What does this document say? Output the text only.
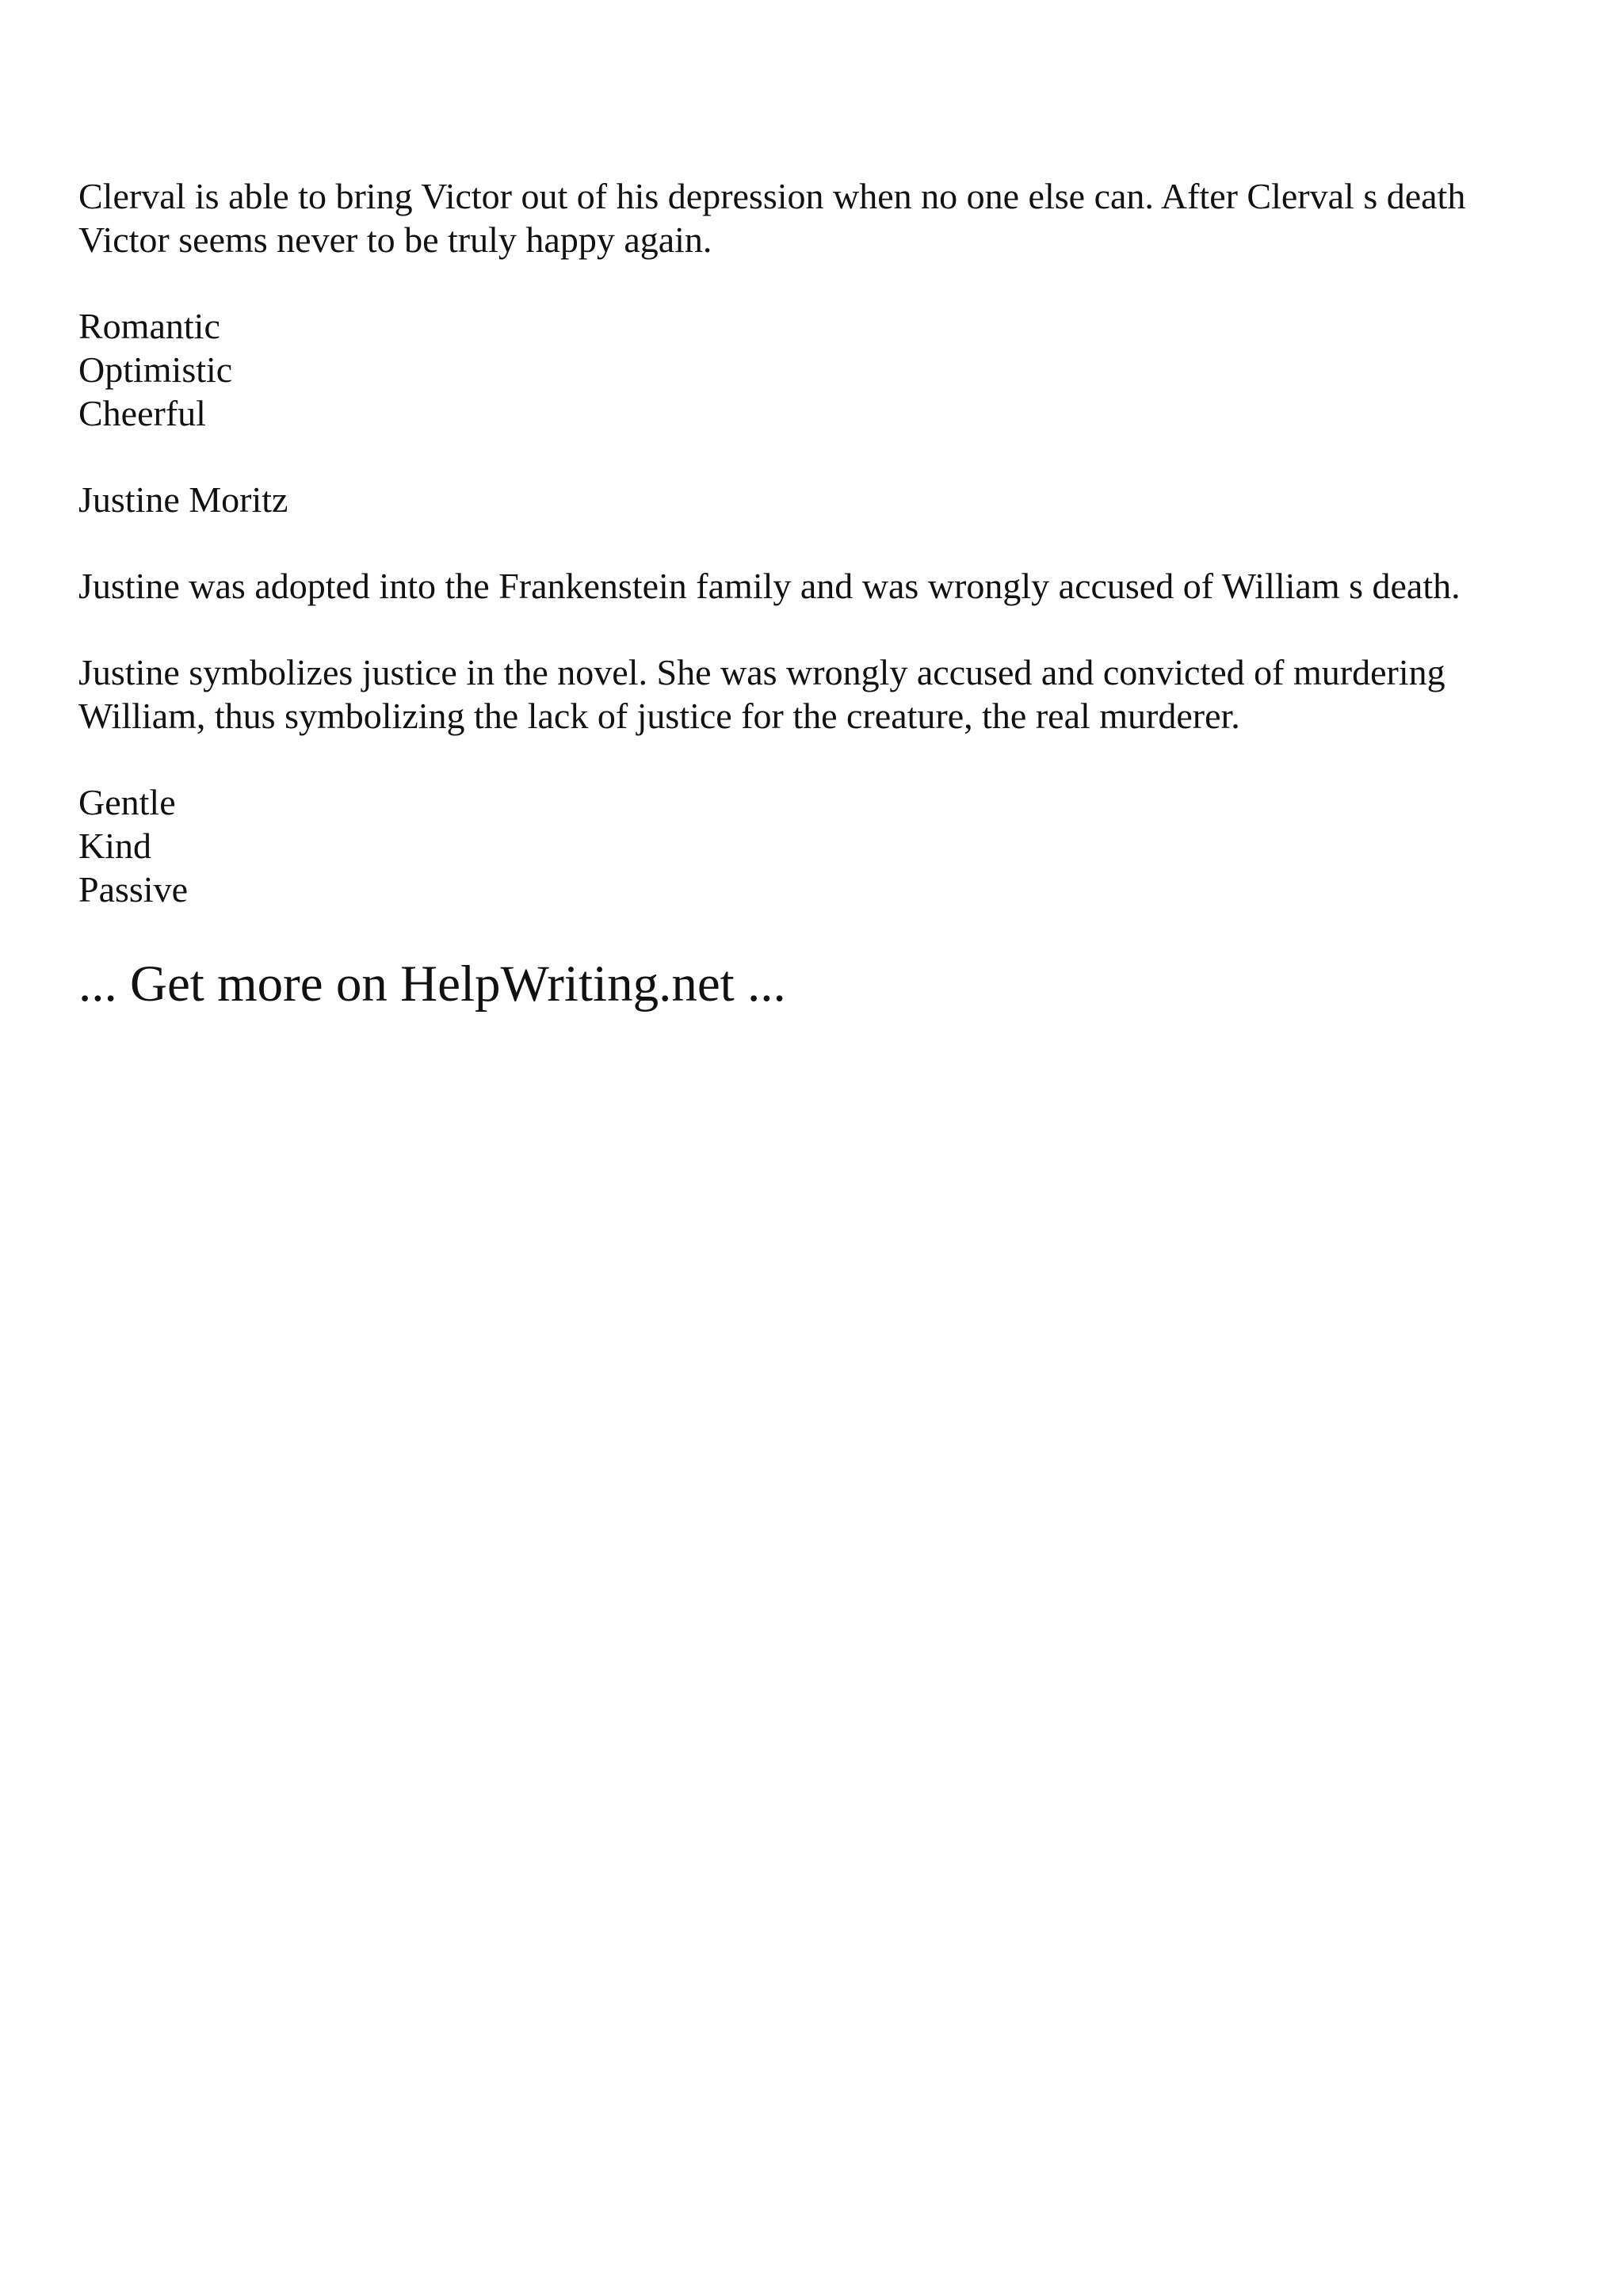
Clerval is able to bring Victor out of his depression when no one else can. After Clerval s death Victor seems never to be truly happy again.

Romantic
Optimistic
Cheerful

Justine Moritz

Justine was adopted into the Frankenstein family and was wrongly accused of William s death.

Justine symbolizes justice in the novel. She was wrongly accused and convicted of murdering William, thus symbolizing the lack of justice for the creature, the real murderer.

Gentle
Kind
Passive

... Get more on HelpWriting.net ...
